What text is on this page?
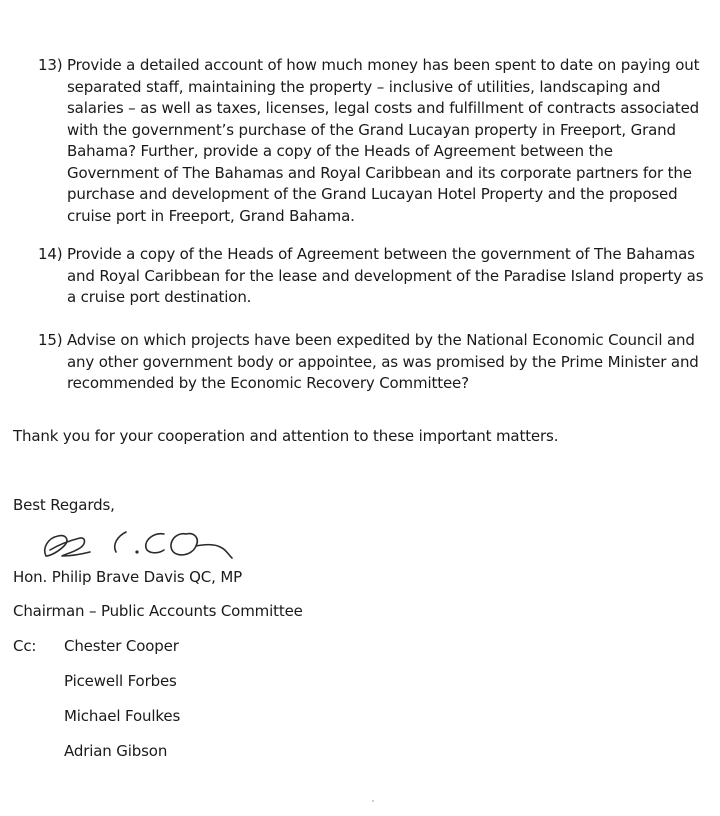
13) Provide a detailed account of how much money has been spent to date on paying out separated staff, maintaining the property – inclusive of utilities, landscaping and salaries – as well as taxes, licenses, legal costs and fulfillment of contracts associated with the government’s purchase of the Grand Lucayan property in Freeport, Grand Bahama? Further, provide a copy of the Heads of Agreement between the Government of The Bahamas and Royal Caribbean and its corporate partners for the purchase and development of the Grand Lucayan Hotel Property and the proposed cruise port in Freeport, Grand Bahama.
14) Provide a copy of the Heads of Agreement between the government of The Bahamas and Royal Caribbean for the lease and development of the Paradise Island property as a cruise port destination.
15) Advise on which projects have been expedited by the National Economic Council and any other government body or appointee, as was promised by the Prime Minister and recommended by the Economic Recovery Committee?
Thank you for your cooperation and attention to these important matters.
Best Regards,
Hon. Philip Brave Davis QC, MP
Chairman – Public Accounts Committee
Cc: Chester Cooper
Picewell Forbes
Michael Foulkes
Adrian Gibson
